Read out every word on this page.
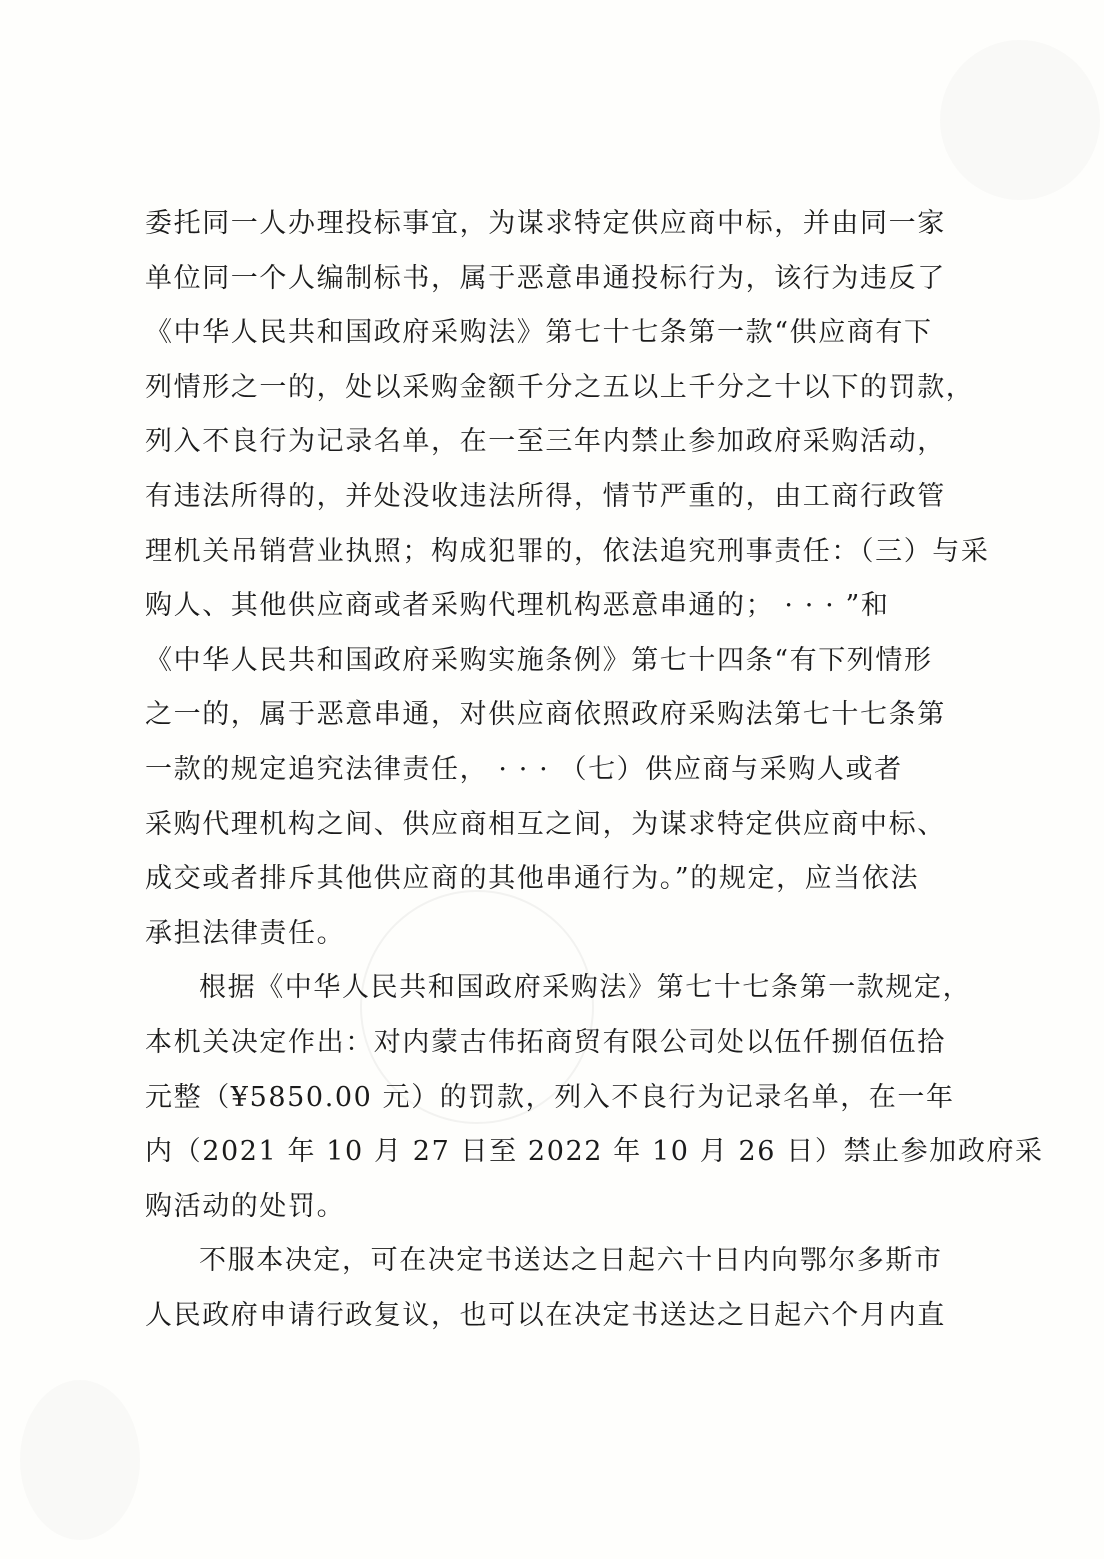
委托同一人办理投标事宜，为谋求特定供应商中标，并由同一家
单位同一个人编制标书，属于恶意串通投标行为，该行为违反了
《中华人民共和国政府采购法》第七十七条第一款“供应商有下
列情形之一的，处以采购金额千分之五以上千分之十以下的罚款，
列入不良行为记录名单，在一至三年内禁止参加政府采购活动，
有违法所得的，并处没收违法所得，情节严重的，由工商行政管
理机关吊销营业执照；构成犯罪的，依法追究刑事责任：（三）与采
购人、其他供应商或者采购代理机构恶意串通的； · · · ”和
《中华人民共和国政府采购实施条例》第七十四条“有下列情形
之一的，属于恶意串通，对供应商依照政府采购法第七十七条第
一款的规定追究法律责任， · · · （七）供应商与采购人或者
采购代理机构之间、供应商相互之间，为谋求特定供应商中标、
成交或者排斥其他供应商的其他串通行为。”的规定，应当依法
承担法律责任。
根据《中华人民共和国政府采购法》第七十七条第一款规定，
本机关决定作出：对内蒙古伟拓商贸有限公司处以伍仟捌佰伍拾
元整（¥5850.00 元）的罚款，列入不良行为记录名单，在一年
内（2021 年 10 月 27 日至 2022 年 10 月 26 日）禁止参加政府采
购活动的处罚。
不服本决定，可在决定书送达之日起六十日内向鄂尔多斯市
人民政府申请行政复议，也可以在决定书送达之日起六个月内直
